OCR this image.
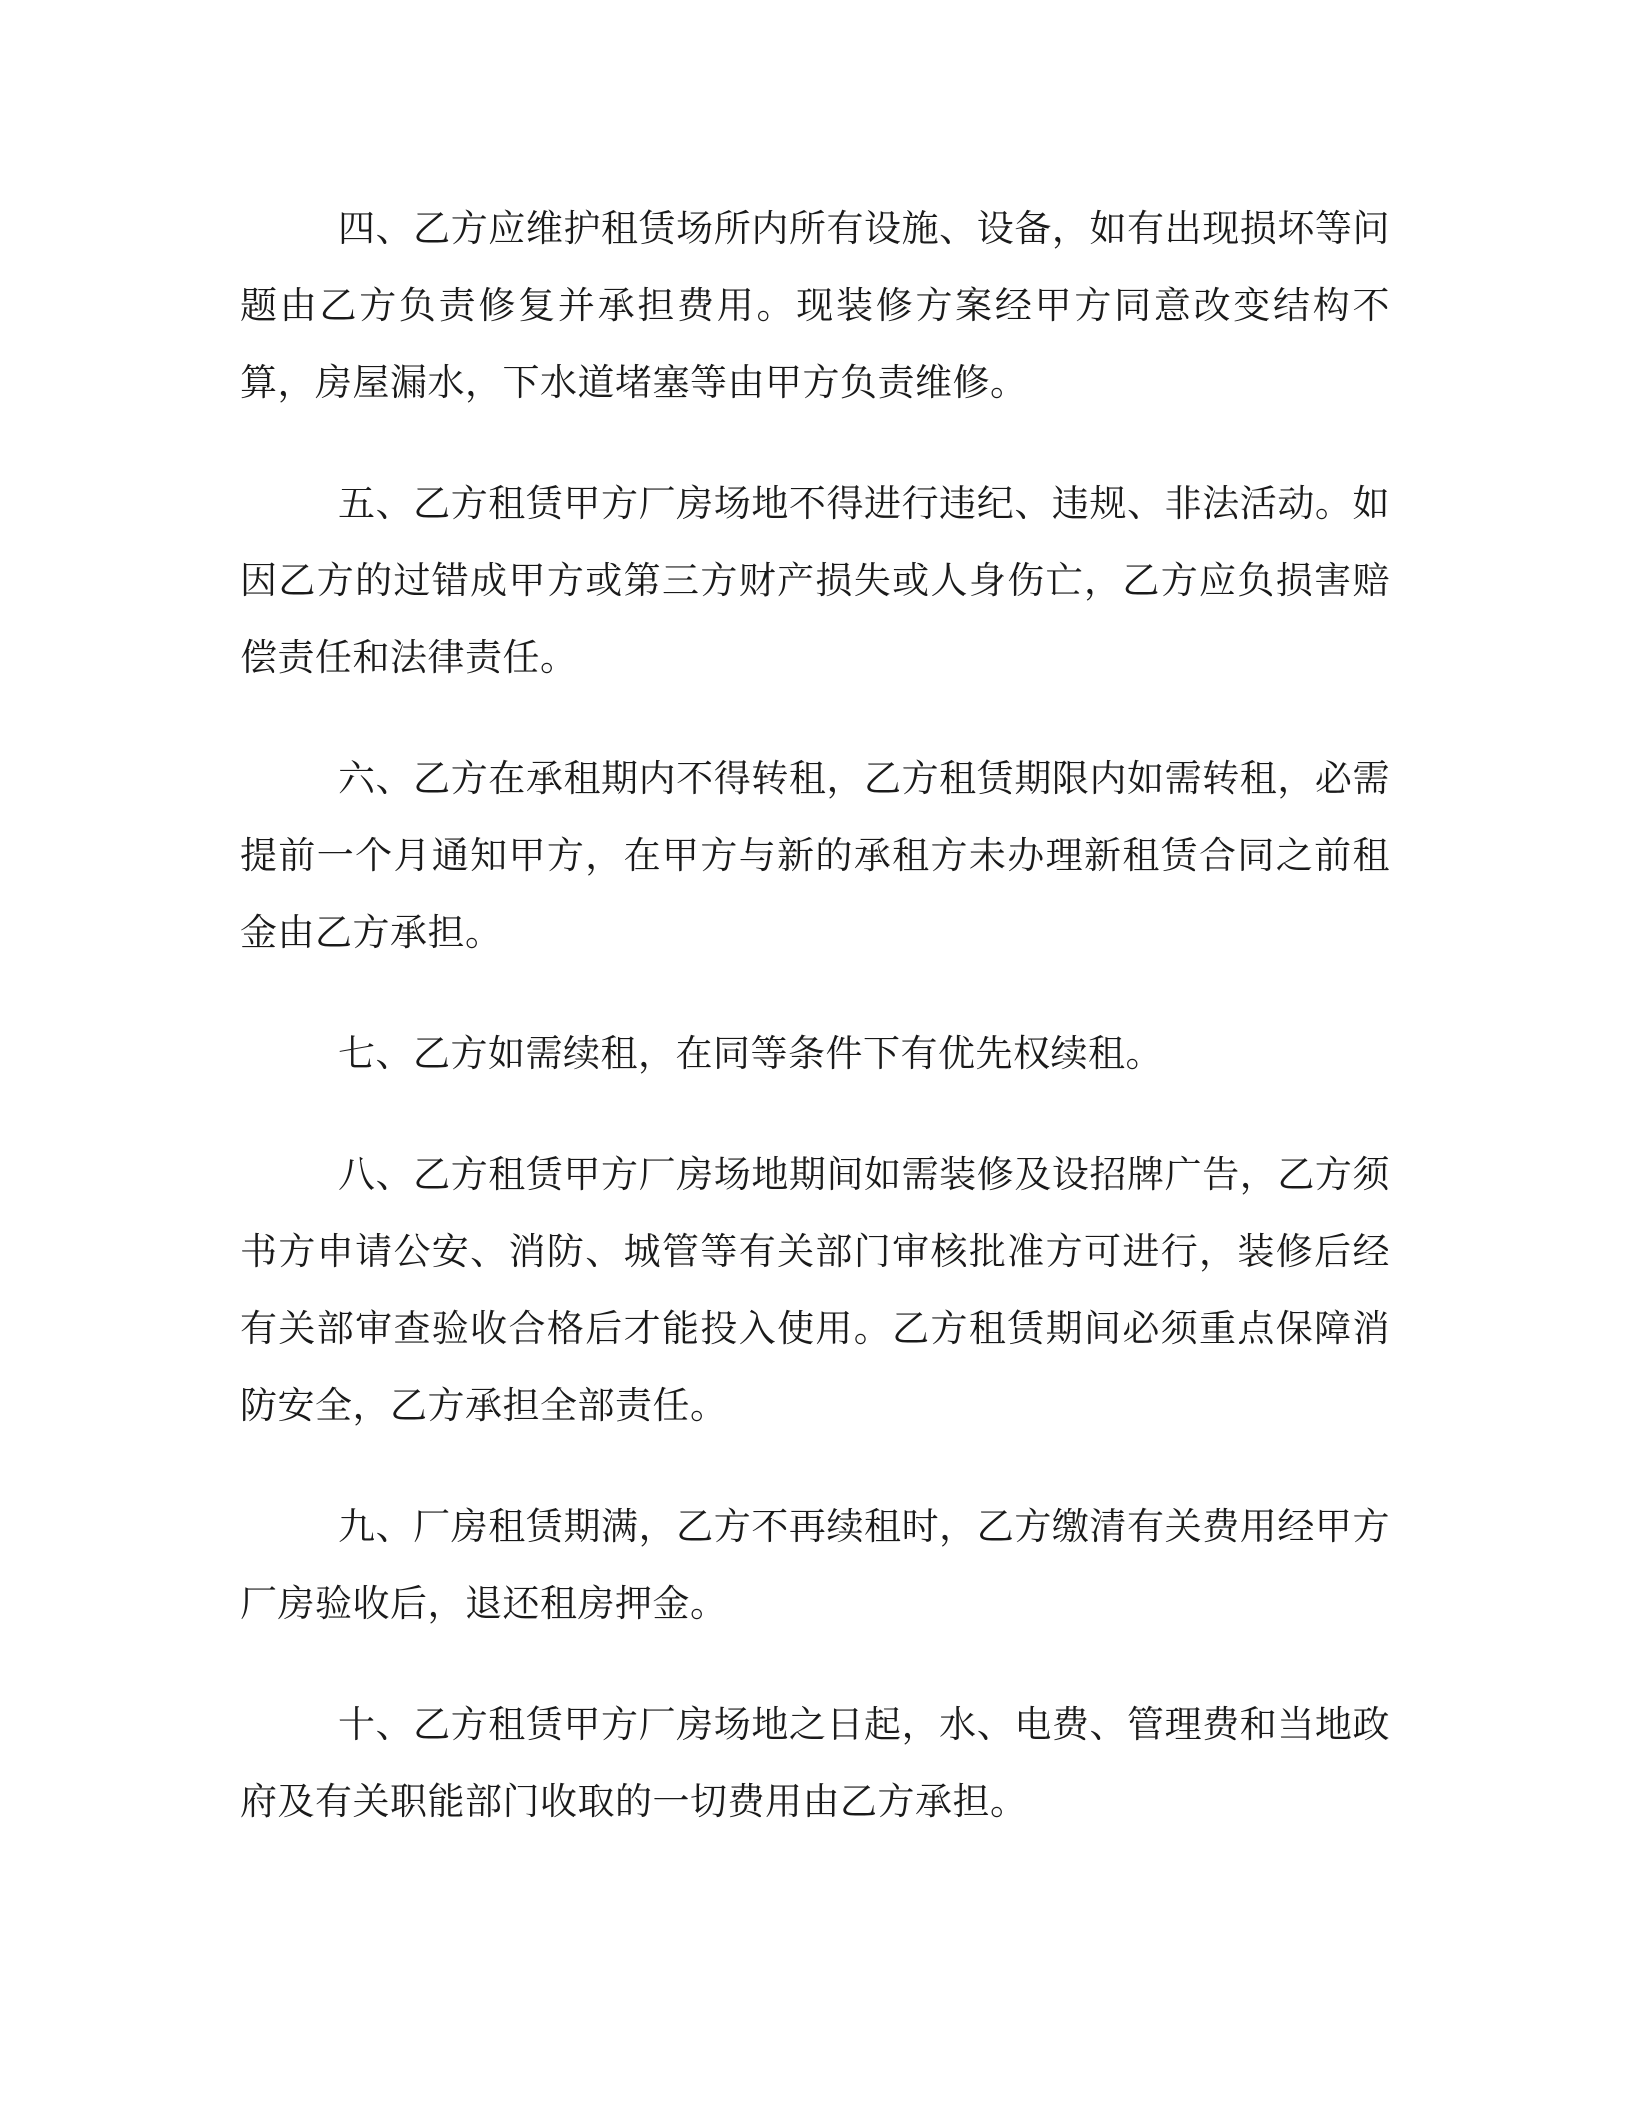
四、乙方应维护租赁场所内所有设施、设备，如有出现损坏等问题由乙方负责修复并承担费用。现装修方案经甲方同意改变结构不算，房屋漏水，下水道堵塞等由甲方负责维修。

五、乙方租赁甲方厂房场地不得进行违纪、违规、非法活动。如因乙方的过错成甲方或第三方财产损失或人身伤亡，乙方应负损害赔偿责任和法律责任。

六、乙方在承租期内不得转租，乙方租赁期限内如需转租，必需提前一个月通知甲方，在甲方与新的承租方未办理新租赁合同之前租金由乙方承担。

七、乙方如需续租，在同等条件下有优先权续租。

八、乙方租赁甲方厂房场地期间如需装修及设招牌广告，乙方须书方申请公安、消防、城管等有关部门审核批准方可进行，装修后经有关部审查验收合格后才能投入使用。乙方租赁期间必须重点保障消防安全，乙方承担全部责任。

九、厂房租赁期满，乙方不再续租时，乙方缴清有关费用经甲方厂房验收后，退还租房押金。

十、乙方租赁甲方厂房场地之日起，水、电费、管理费和当地政府及有关职能部门收取的一切费用由乙方承担。
